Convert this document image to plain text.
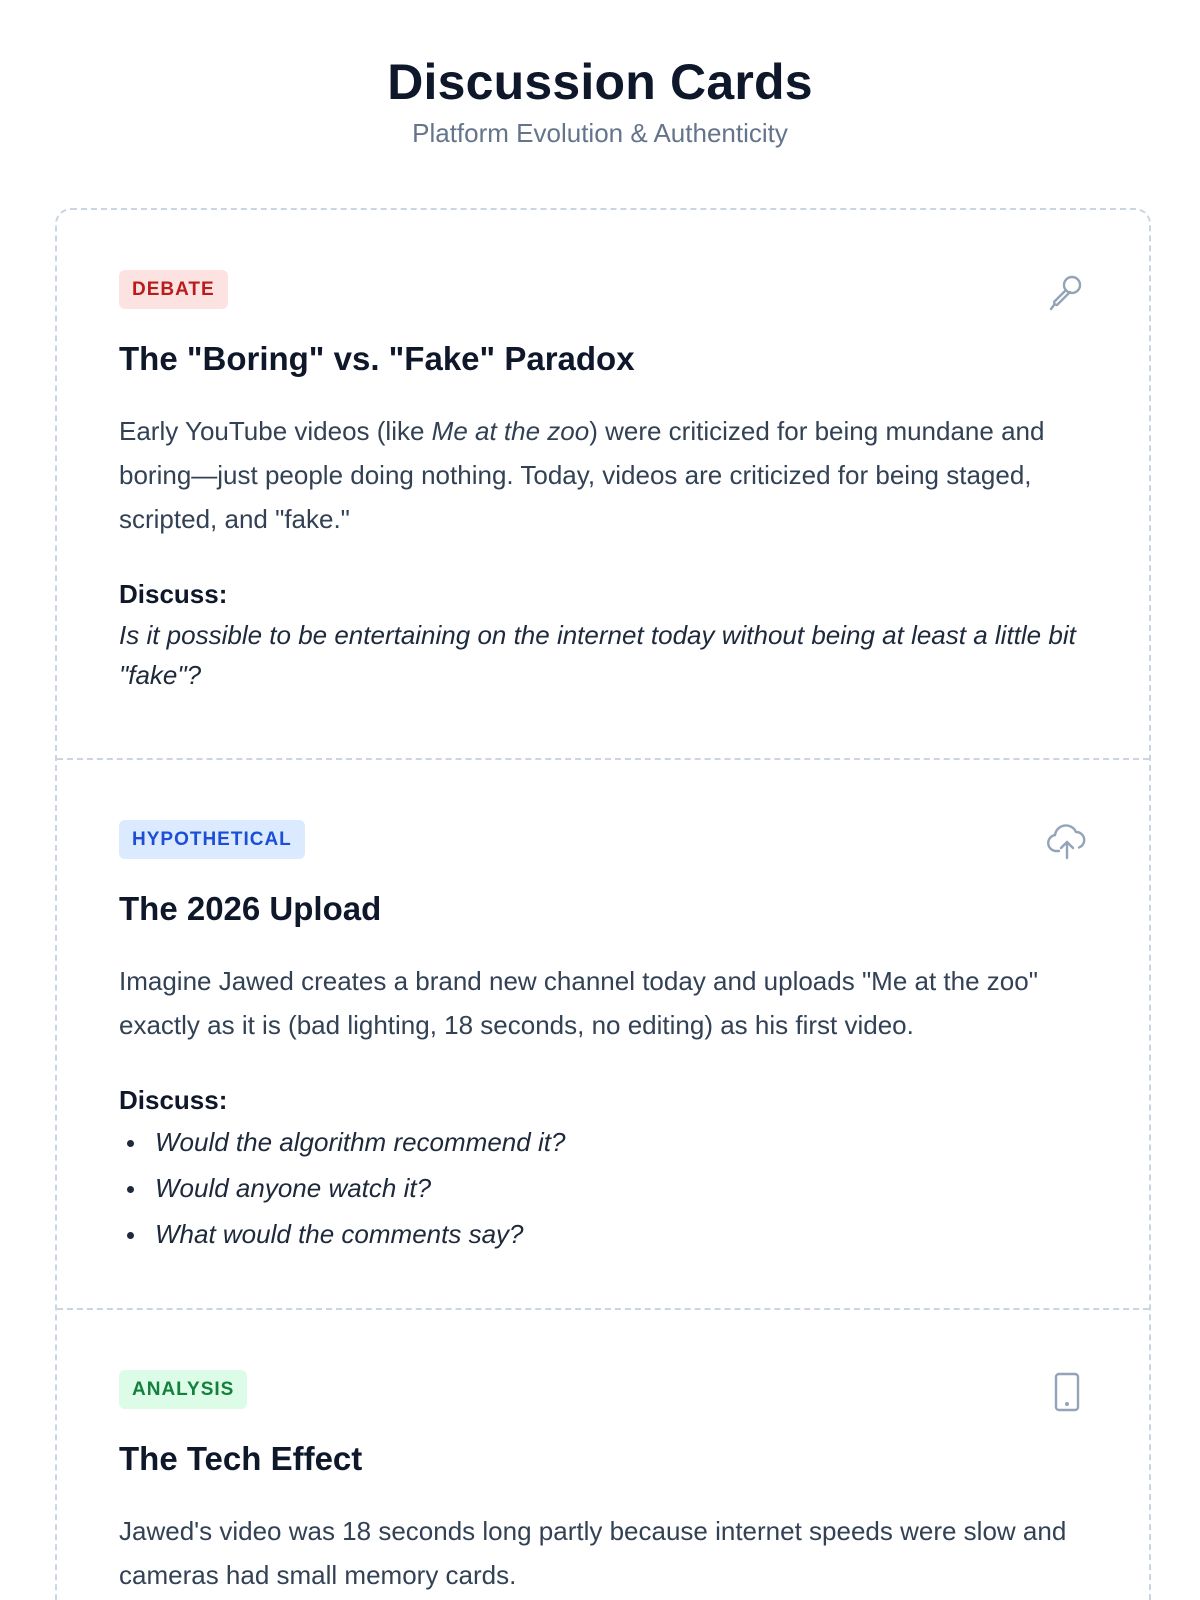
Discussion Cards
Platform Evolution & Authenticity
DEBATE
The "Boring" vs. "Fake" Paradox
Early YouTube videos (like Me at the zoo) were criticized for being mundane and boring—just people doing nothing. Today, videos are criticized for being staged, scripted, and "fake."
Discuss:
Is it possible to be entertaining on the internet today without being at least a little bit "fake"?
HYPOTHETICAL
The 2026 Upload
Imagine Jawed creates a brand new channel today and uploads "Me at the zoo" exactly as it is (bad lighting, 18 seconds, no editing) as his first video.
Discuss:
Would the algorithm recommend it?
Would anyone watch it?
What would the comments say?
ANALYSIS
The Tech Effect
Jawed's video was 18 seconds long partly because internet speeds were slow and cameras had small memory cards.
